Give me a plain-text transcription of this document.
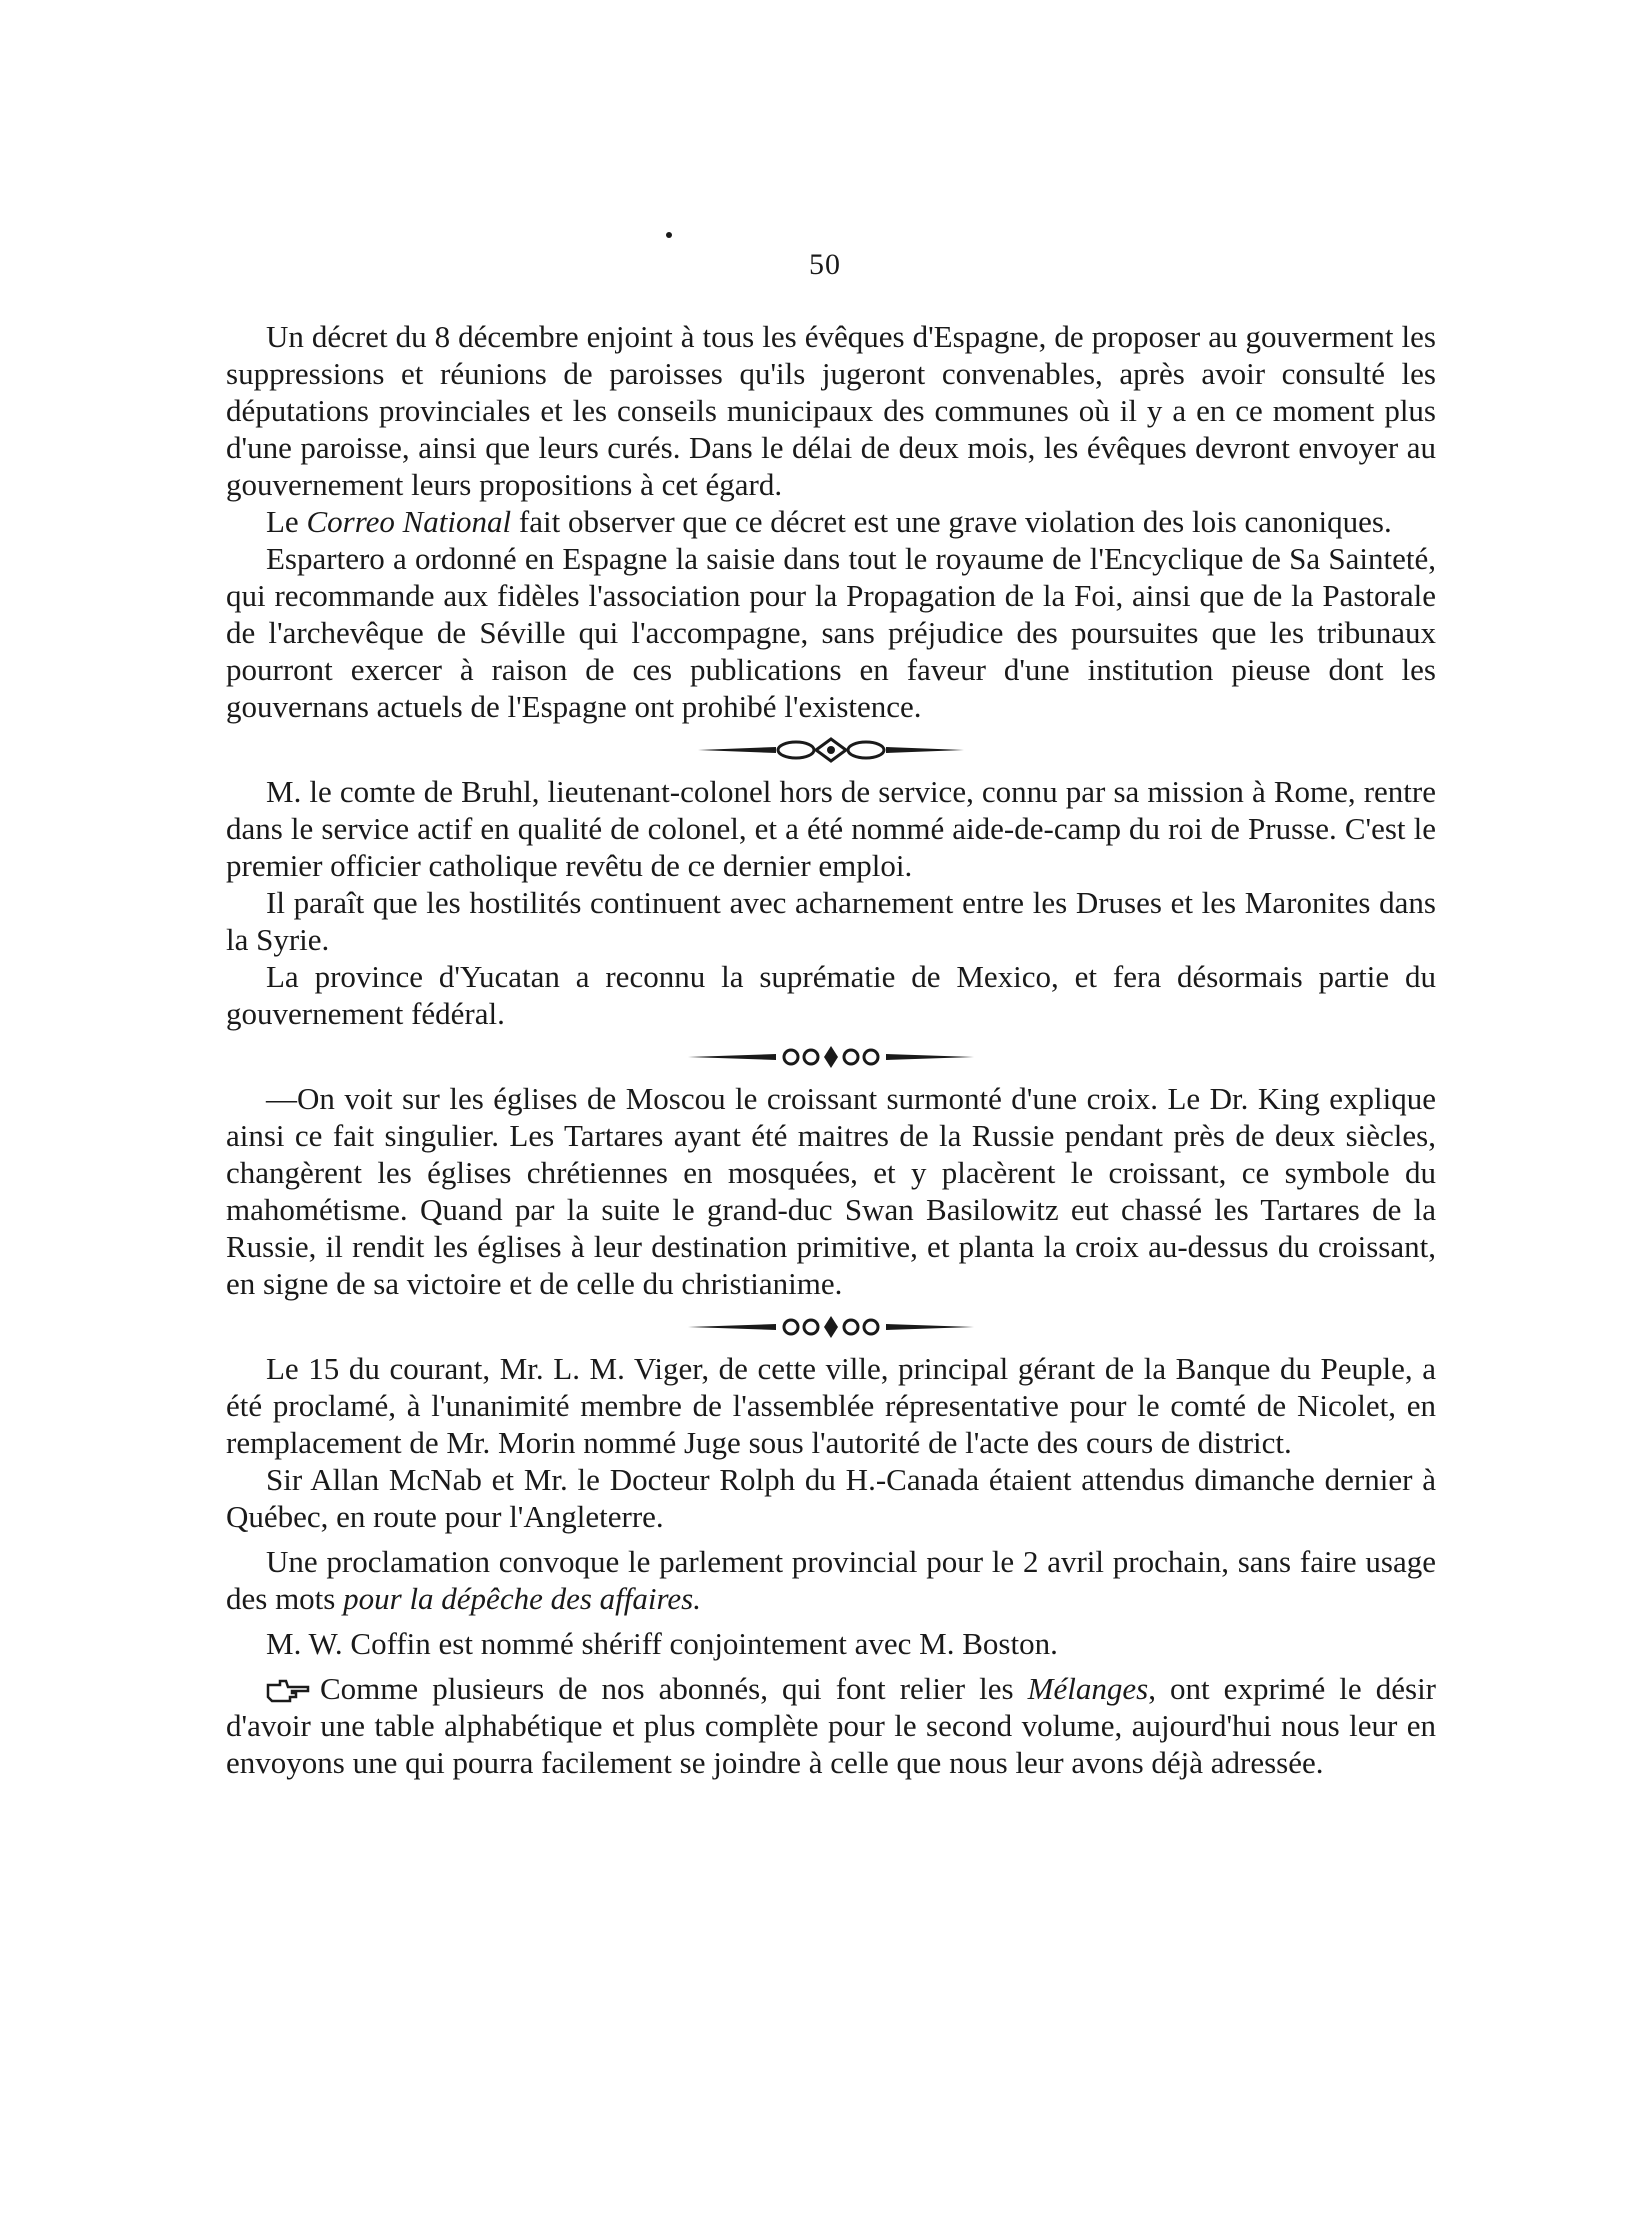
50

Un décret du 8 décembre enjoint à tous les évêques d'Espagne, de proposer au gouverment les suppressions et réunions de paroisses qu'ils jugeront convenables, après avoir consulté les députations provinciales et les conseils municipaux des communes où il y a en ce moment plus d'une paroisse, ainsi que leurs curés. Dans le délai de deux mois, les évêques devront envoyer au gouvernement leurs propositions à cet égard.

Le Correo National fait observer que ce décret est une grave violation des lois canoniques.

Espartero a ordonné en Espagne la saisie dans tout le royaume de l'Encyclique de Sa Sainteté, qui recommande aux fidèles l'association pour la Propagation de la Foi, ainsi que de la Pastorale de l'archevêque de Séville qui l'accompagne, sans préjudice des poursuites que les tribunaux pourront exercer à raison de ces publications en faveur d'une institution pieuse dont les gouvernans actuels de l'Espagne ont prohibé l'existence.

M. le comte de Bruhl, lieutenant-colonel hors de service, connu par sa mission à Rome, rentre dans le service actif en qualité de colonel, et a été nommé aide-de-camp du roi de Prusse. C'est le premier officier catholique revêtu de ce dernier emploi.

Il paraît que les hostilités continuent avec acharnement entre les Druses et les Maronites dans la Syrie.

La province d'Yucatan a reconnu la suprématie de Mexico, et fera désormais partie du gouvernement fédéral.

—On voit sur les églises de Moscou le croissant surmonté d'une croix. Le Dr. King explique ainsi ce fait singulier. Les Tartares ayant été maitres de la Russie pendant près de deux siècles, changèrent les églises chrétiennes en mosquées, et y placèrent le croissant, ce symbole du mahométisme. Quand par la suite le grand-duc Swan Basilowitz eut chassé les Tartares de la Russie, il rendit les églises à leur destination primitive, et planta la croix au-dessus du croissant, en signe de sa victoire et de celle du christianime.

Le 15 du courant, Mr. L. M. Viger, de cette ville, principal gérant de la Banque du Peuple, a été proclamé, à l'unanimité membre de l'assemblée répresentative pour le comté de Nicolet, en remplacement de Mr. Morin nommé Juge sous l'autorité de l'acte des cours de district.

Sir Allan McNab et Mr. le Docteur Rolph du H.-Canada étaient attendus dimanche dernier à Québec, en route pour l'Angleterre.

Une proclamation convoque le parlement provincial pour le 2 avril prochain, sans faire usage des mots pour la dépêche des affaires.

M. W. Coffin est nommé shériff conjointement avec M. Boston.

Comme plusieurs de nos abonnés, qui font relier les Mélanges, ont exprimé le désir d'avoir une table alphabétique et plus complète pour le second volume, aujourd'hui nous leur en envoyons une qui pourra facilement se joindre à celle que nous leur avons déjà adressée.
